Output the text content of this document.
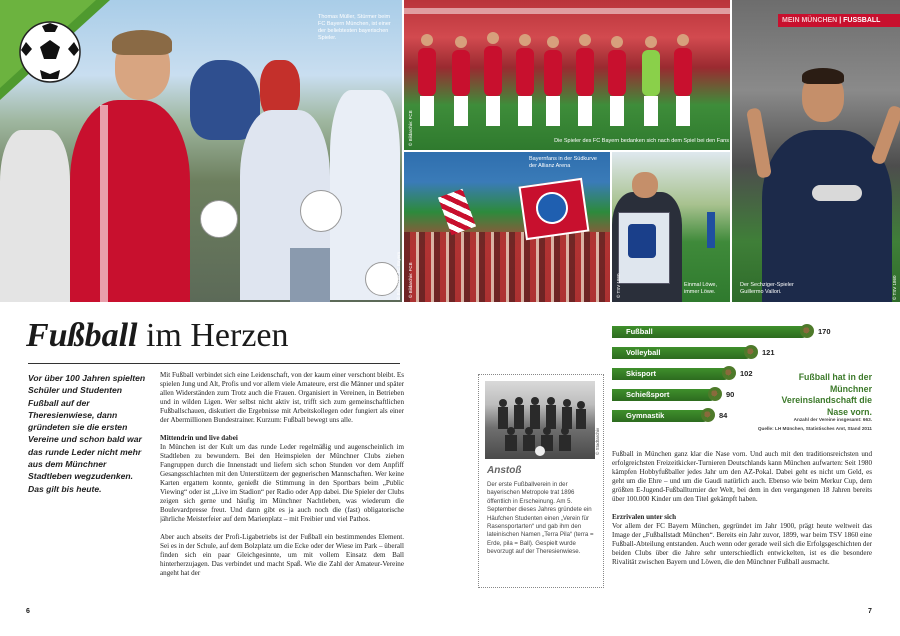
Thomas Müller, Stürmer beim FC Bayern München, ist einer der beliebtesten bayerischen Spieler.
© Bildarchiv: FC Bayern
Die Spieler des FC Bayern bedanken sich nach dem Spiel bei den Fans
© Bildarchiv: FCB
MEIN MÜNCHEN | FUSSBALL
Der Sechziger-Spieler Guillermo Vallori.	© TSV 1860
Bayernfans in der Südkurve der Allianz Arena
© Bildarchiv: FCB	Einmal Löwe, immer Löwe.
© TSV 1860
Fußball im Herzen
Vor über 100 Jahren spielten Schüler und Studenten Fußball auf der Theresienwiese, dann gründeten sie die ersten Vereine und schon bald war das runde Leder nicht mehr aus dem Münchner Stadtleben wegzudenken. Das gilt bis heute.

Mit Fußball verbindet sich eine Leidenschaft, von der kaum einer verschont bleibt. Es spielen Jung und Alt, Profis und vor allem viele Amateure, erst die Männer und später allen Widerständen zum Trotz auch die Frauen. Organisiert in Vereinen, in Betrieben und in wilden Ligen. Wer selbst nicht aktiv ist, trifft sich zum gemeinschaftlichen Fußballschauen, diskutiert die Ergebnisse mit Arbeitskollegen oder fungiert als einer der Abermillionen Bundestrainer. Kurzum: Fußball bewegt uns alle.

Mittendrin und live dabei

In München ist der Kult um das runde Leder regelmäßig und augenscheinlich im Stadtleben zu bewundern. Bei den Heimspielen der Münchner Clubs ziehen Fangruppen durch die Innenstadt und liefern sich schon Stunden vor dem Anpfiff Gesangsschlachten mit den Unterstützern der gegnerischen Mannschaften. Wer keine Karten ergattern konnte, genießt die Stimmung in den Sportbars beim „Public Viewing“ oder ist „Live im Stadion“ per Radio oder App dabei. Die Spieler der Clubs zeigen sich gerne und häufig im Münchner Nachtleben, was wiederum die Boulevardpresse freut. Und dann gibt es ja auch noch die (fast) obligatorische jährliche Meisterfeier auf dem Marienplatz – mit Freibier und viel Pathos.

Aber auch abseits der Profi-Ligabetriebs ist der Fußball ein bestimmendes Element. Sei es in der Schule, auf dem Bolzplatz um die Ecke oder der Wiese im Park – überall finden sich ein paar Gleichgesinnte, um mit vollem Einsatz dem Ball hinterherzujagen. Das verbindet und macht Spaß. Wie die Zahl der Amateur-Vereine angeht hat der

6
© Stadtarchiv
Anstoß
Der erste Fußballverein in der bayerischen Metropole trat 1896 öffentlich in Erscheinung. Am 5. September dieses Jahres gründete ein Häufchen Studenten einen „Verein für Rasensportarten“ und gab ihm den lateinischen Namen „Terra Pila“ (terra = Erde, pila = Ball). Gespielt wurde bevorzugt auf der Theresienwiese.
Fußball	170
Volleyball	121
Skisport	102
Schießsport	90
Gymnastik	84
Fußball hat in der Münchner Vereinslandschaft die Nase vorn.
Anzahl der Vereine insgesamt: 663.
Quelle: LH München, Statistisches Amt, Stand 2011

Fußball in München ganz klar die Nase vorn. Und auch mit den traditionsreichsten und erfolgreichsten Freizeitkicker-Turnieren Deutschlands kann München aufwarten: Seit 1980 kämpfen Hobbyfußballer jedes Jahr um den AZ-Pokal. Dabei geht es nicht um Geld, es geht um die Ehre – und um die Gaudi natürlich auch. Ebenso wie beim Merkur Cup, dem größten E-Jugend-Fußballturnier der Welt, bei dem in den vergangenen 18 Jahren bereits über 100.000 Kinder um den Titel gekämpft haben.

Erzrivalen unter sich

Vor allem der FC Bayern München, gegründet im Jahr 1900, prägt heute weltweit das Image der „Fußballstadt München“. Bereits ein Jahr zuvor, 1899, war beim TSV 1860 eine Fußball-Abteilung entstanden. Auch wenn oder gerade weil sich die Erfolgsgeschichten der beiden Clubs über die Jahre sehr unterschiedlich entwickelten, ist es die besondere Rivalität zwischen Bayern und Löwen, die den Münchner Fußball ausmacht.

7
